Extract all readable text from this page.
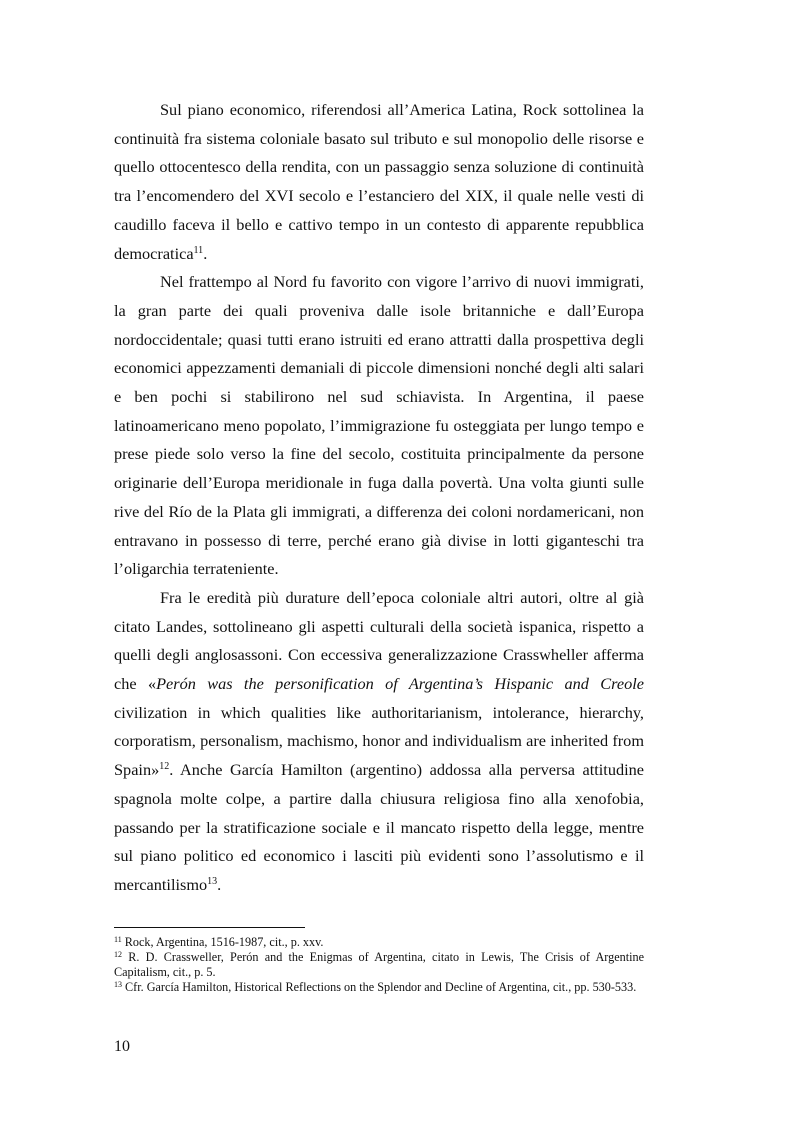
Sul piano economico, riferendosi all’America Latina, Rock sottolinea la continuità fra sistema coloniale basato sul tributo e sul monopolio delle risorse e quello ottocentesco della rendita, con un passaggio senza soluzione di continuità tra l’encomendero del XVI secolo e l’estanciero del XIX, il quale nelle vesti di caudillo faceva il bello e cattivo tempo in un contesto di apparente repubblica democratica$^{11}$.

Nel frattempo al Nord fu favorito con vigore l’arrivo di nuovi immigrati, la gran parte dei quali proveniva dalle isole britanniche e dall’Europa nordoccidentale; quasi tutti erano istruiti ed erano attratti dalla prospettiva degli economici appezzamenti demaniali di piccole dimensioni nonché degli alti salari e ben pochi si stabilirono nel sud schiavista. In Argentina, il paese latinoamericano meno popolato, l’immigrazione fu osteggiata per lungo tempo e prese piede solo verso la fine del secolo, costituita principalmente da persone originarie dell’Europa meridionale in fuga dalla povertà. Una volta giunti sulle rive del Río de la Plata gli immigrati, a differenza dei coloni nordamericani, non entravano in possesso di terre, perché erano già divise in lotti giganteschi tra l’oligarchia terrateniente.

Fra le eredità più durature dell’epoca coloniale altri autori, oltre al già citato Landes, sottolineano gli aspetti culturali della società ispanica, rispetto a quelli degli anglosassoni. Con eccessiva generalizzazione Crasswheller afferma che «Perón was the personification of Argentina’s Hispanic and Creole civilization in which qualities like authoritarianism, intolerance, hierarchy, corporatism, personalism, machismo, honor and individualism are inherited from Spain»$^{12}$. Anche García Hamilton (argentino) addossa alla perversa attitudine spagnola molte colpe, a partire dalla chiusura religiosa fino alla xenofobia, passando per la stratificazione sociale e il mancato rispetto della legge, mentre sul piano politico ed economico i lasciti più evidenti sono l’assolutismo e il mercantilismo$^{13}$.

$^{11}$ Rock, Argentina, 1516-1987, cit., p. xxv.

$^{12}$ R. D. Crassweller, Perón and the Enigmas of Argentina, citato in Lewis, The Crisis of Argentine Capitalism, cit., p. 5.

$^{13}$ Cfr. García Hamilton, Historical Reflections on the Splendor and Decline of Argentina, cit., pp. 530-533.

10
